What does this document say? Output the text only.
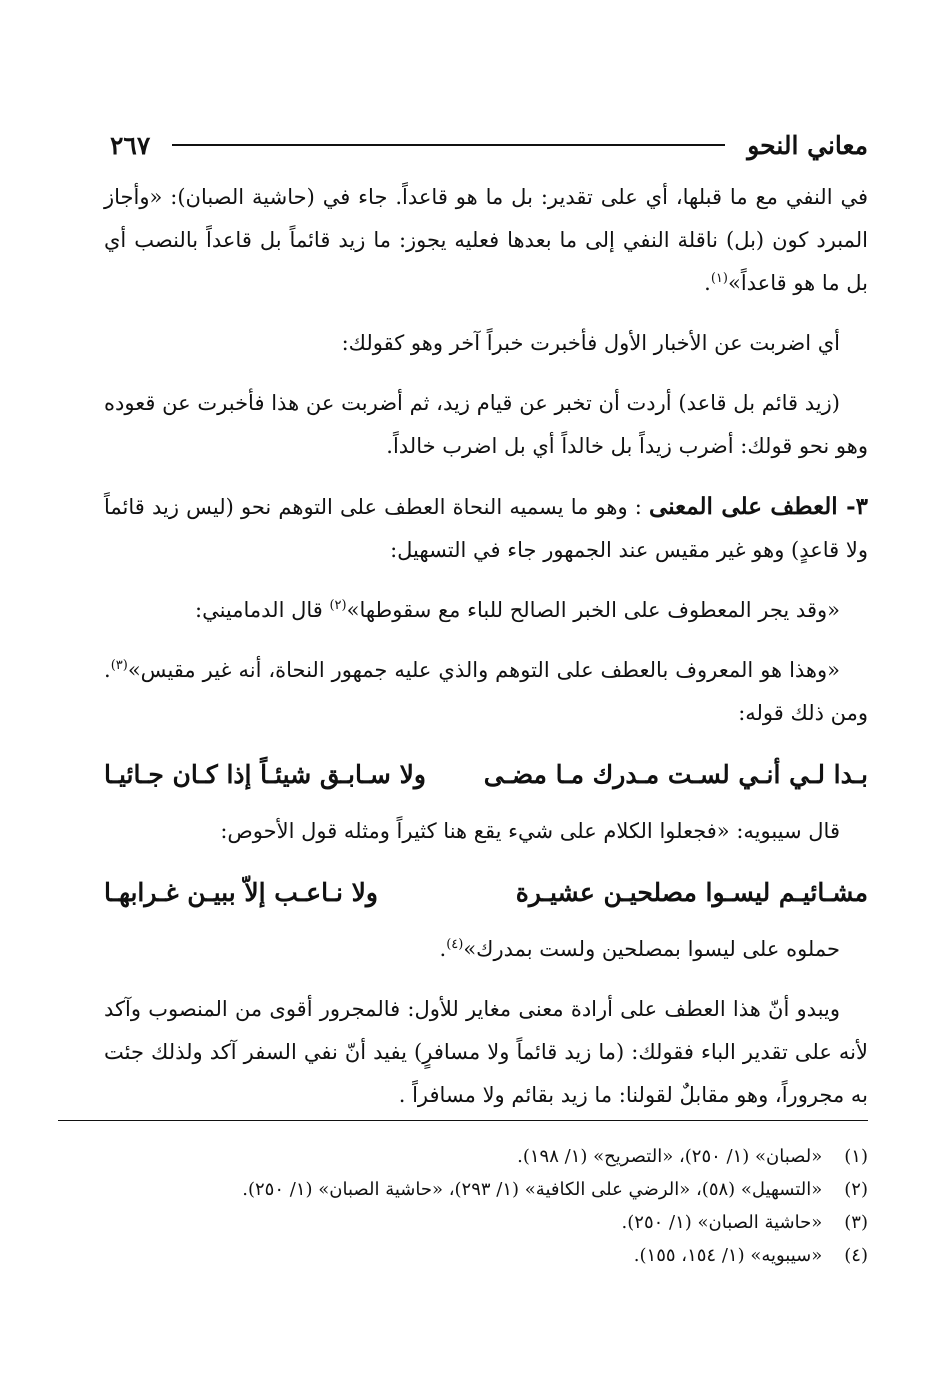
معاني النحو
٢٦٧

في النفي مع ما قبلها، أي على تقدير: بل ما هو قاعداً. جاء في (حاشية الصبان): «وأجاز المبرد كون (بل) ناقلة النفي إلى ما بعدها فعليه يجوز: ما زيد قائماً بل قاعداً بالنصب أي بل ما هو قاعداً»$^{(١)}$.

أي اضربت عن الأخبار الأول فأخبرت خبراً آخر وهو كقولك:

(زيد قائم بل قاعد) أردت أن تخبر عن قيام زيد، ثم أضربت عن هذا فأخبرت عن قعوده وهو نحو قولك: أضرب زيداً بل خالداً أي بل اضرب خالداً.

٣- العطف على المعنى : وهو ما يسميه النحاة العطف على التوهم نحو (ليس زيد قائماً ولا قاعدٍ) وهو غير مقيس عند الجمهور جاء في التسهيل:

«وقد يجر المعطوف على الخبر الصالح للباء مع سقوطها»$^{(٢)}$ قال الدماميني:

«وهذا هو المعروف بالعطف على التوهم والذي عليه جمهور النحاة، أنه غير مقيس»$^{(٣)}$. ومن ذلك قوله:

بـدا لـي أنـي لسـت مـدرك مـا مضـى
ولا سـابـق شيئـاً إذا كـان جـائيـا

قال سيبويه: «فجعلوا الكلام على شيء يقع هنا كثيراً ومثله قول الأحوص:

مشـائيـم ليسـوا مصلحيـن عشيـرة
ولا نـاعـب إلاّ ببيـن غـرابهـا

حملوه على ليسوا بمصلحين ولست بمدرك»$^{(٤)}$.

ويبدو أنّ هذا العطف على أرادة معنى مغاير للأول: فالمجرور أقوى من المنصوب وآكد لأنه على تقدير الباء فقولك: (ما زيد قائماً ولا مسافرٍ) يفيد أنّ نفي السفر آكد ولذلك جئت به مجروراً، وهو مقابلٌ لقولنا: ما زيد بقائم ولا مسافراً .

(١)
«لصبان» (١/ ٢٥٠)، «التصريح» (١/ ١٩٨).
(٢)
«التسهيل» (٥٨)، «الرضي على الكافية» (١/ ٢٩٣)، «حاشية الصبان» (١/ ٢٥٠).
(٣)
«حاشية الصبان» (١/ ٢٥٠).
(٤)
«سيبويه» (١/ ١٥٤، ١٥٥).
